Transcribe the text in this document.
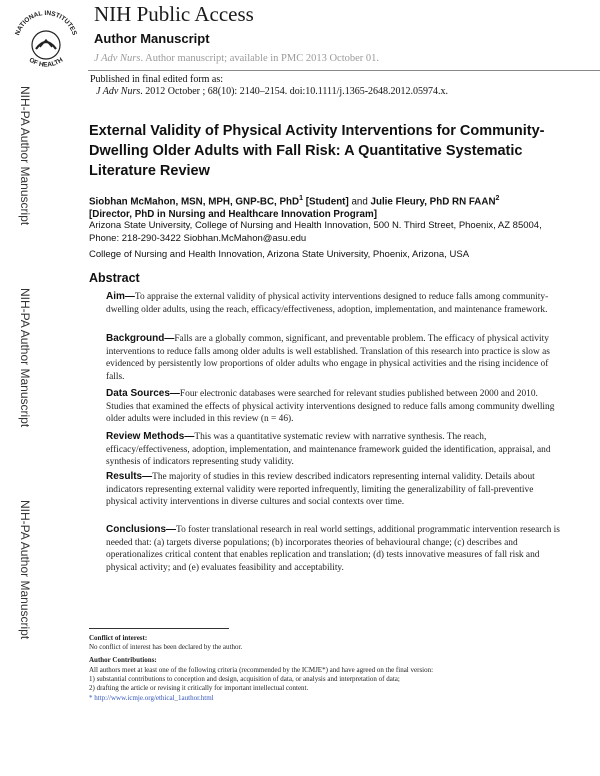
NATIONAL INSTITUTES
OF HEALTH
NIH Public Access
Author Manuscript
J Adv Nurs. Author manuscript; available in PMC 2013 October 01.
Published in final edited form as:
J Adv Nurs. 2012 October ; 68(10): 2140–2154. doi:10.1111/j.1365-2648.2012.05974.x.
NIH-PA Author Manuscript
NIH-PA Author Manuscript
NIH-PA Author Manuscript
External Validity of Physical Activity Interventions for Community-Dwelling Older Adults with Fall Risk: A Quantitative Systematic Literature Review
Siobhan McMahon, MSN, MPH, GNP-BC, PhD$^1$ [Student] and Julie Fleury, PhD RN FAAN$^2$
[Director, PhD in Nursing and Healthcare Innovation Program]
Arizona State University, College of Nursing and Health Innovation, 500 N. Third Street, Phoenix, AZ 85004, Phone: 218-290-3422 Siobhan.McMahon@asu.edu
College of Nursing and Health Innovation, Arizona State University, Phoenix, Arizona, USA
Abstract
Aim—To appraise the external validity of physical activity interventions designed to reduce falls among community-dwelling older adults, using the reach, efficacy/effectiveness, adoption, implementation, and maintenance framework.
Background—Falls are a globally common, significant, and preventable problem. The efficacy of physical activity interventions to reduce falls among older adults is well established. Translation of this research into practice is slow as evidenced by persistently low proportions of older adults who engage in physical activities and the rising incidence of falls.
Data Sources—Four electronic databases were searched for relevant studies published between 2000 and 2010. Studies that examined the effects of physical activity interventions designed to reduce falls among community dwelling older adults were included in this review (n = 46).
Review Methods—This was a quantitative systematic review with narrative synthesis. The reach, efficacy/effectiveness, adoption, implementation, and maintenance framework guided the identification, appraisal, and synthesis of indicators representing study validity.
Results—The majority of studies in this review described indicators representing internal validity. Details about indicators representing external validity were reported infrequently, limiting the generalizability of fall-preventive physical activity interventions in diverse cultures and social contexts over time.
Conclusions—To foster translational research in real world settings, additional programmatic intervention research is needed that: (a) targets diverse populations; (b) incorporates theories of behavioural change; (c) describes and operationalizes critical content that enables replication and translation; (d) tests innovative measures of fall risk and physical activity; and (e) evaluates feasibility and acceptability.
Conflict of interest:
No conflict of interest has been declared by the author.
Author Contributions:
All authors meet at least one of the following criteria (recommended by the ICMJE*) and have agreed on the final version:
1) substantial contributions to conception and design, acquisition of data, or analysis and interpretation of data;
2) drafting the article or revising it critically for important intellectual content.
* http://www.icmje.org/ethical_1author.html
